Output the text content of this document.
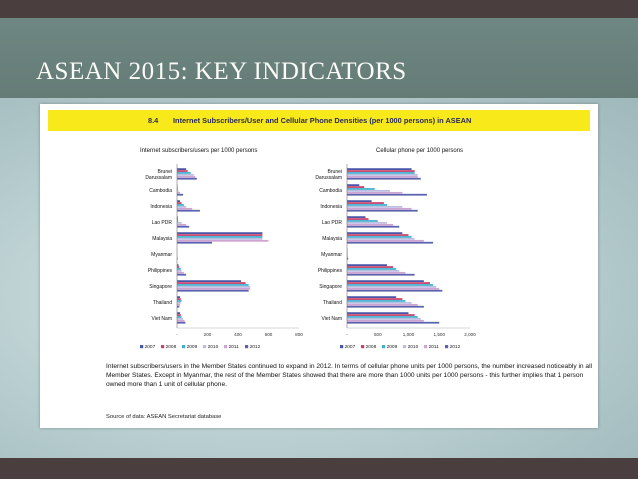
ASEAN 2015: KEY INDICATORS
8.4 Internet Subscribers/User and Cellular Phone Densities (per 1000 persons) in ASEAN
Internet subscribers/users per 1000 persons
Brunei
Darussalam
Cambodia
Indonesia
Lao PDR
Malaysia
Myanmar
Philippines
Singapore
Thailand
Viet Nam
-	200	400	600	800
2007 2008 2009 2010 2011 2012
Cellular phone per 1000 persons
Brunei
Darussalam
Cambodia
Indonesia
Lao PDR
Malaysia
Myanmar
Philippines
Singapore
Thailand
Viet Nam
-	500	1,000	1,500	2,000
2007 2008 2009 2010 2011 2012
Internet subscribers/users in the Member States continued to expand in 2012. In terms of cellular phone units per 1000 persons, the number increased noticeably in all Member States. Except in Myanmar, the rest of the Member States showed that there are more than 1000 units per 1000 persons - this further implies that 1 person owned more than 1 unit of cellular phone.
Source of data: ASEAN Secretariat database
